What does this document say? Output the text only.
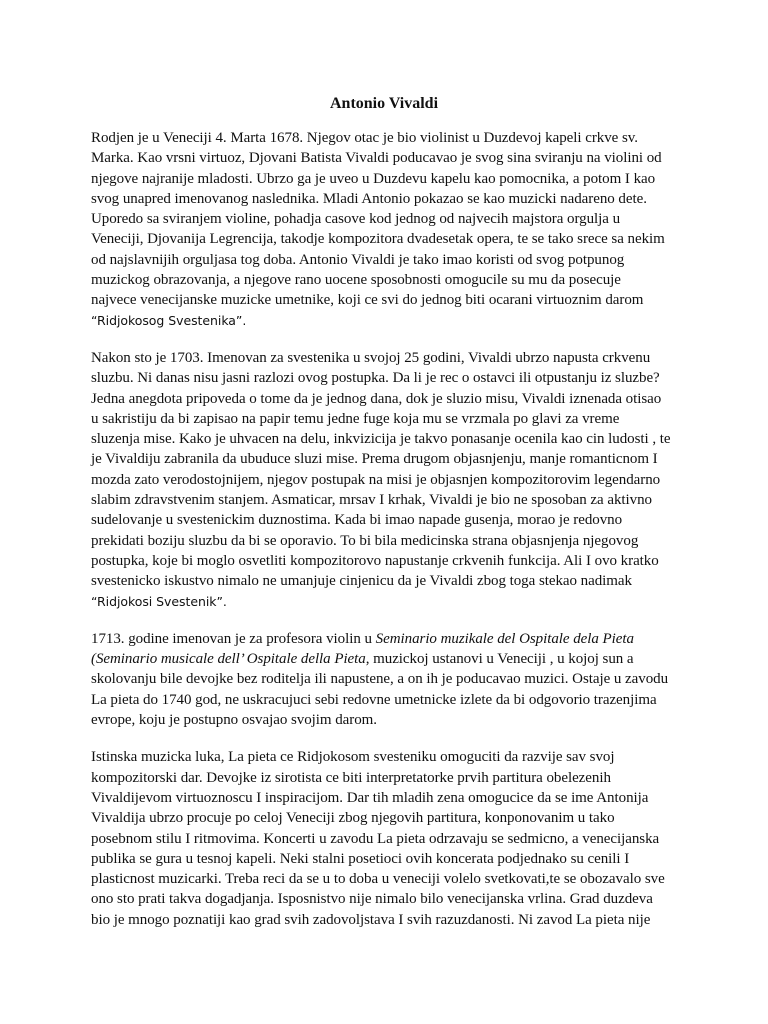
Antonio Vivaldi

Rodjen je u Veneciji 4. Marta 1678. Njegov otac je bio violinist u Duzdevoj kapeli crkve sv.
Marka. Kao vrsni virtuoz, Djovani Batista Vivaldi poducavao je svog sina sviranju na violini od
njegove najranije mladosti. Ubrzo ga je uveo u Duzdevu kapelu kao pomocnika, a potom I kao
svog unapred imenovanog naslednika. Mladi Antonio pokazao se kao muzicki nadareno dete.
Uporedo sa sviranjem violine, pohadja casove kod jednog od najvecih majstora orgulja u
Veneciji, Djovanija Legrencija, takodje kompozitora dvadesetak opera, te se tako srece sa nekim
od najslavnijih orguljasa tog doba. Antonio Vivaldi je tako imao koristi od svog potpunog
muzickog obrazovanja, a njegove rano uocene sposobnosti omogucile su mu da posecuje
najvece venecijanske muzicke umetnike, koji ce svi do jednog biti ocarani virtuoznim darom
“Ridjokosog Svestenika”.

Nakon sto je 1703. Imenovan za svestenika u svojoj 25 godini, Vivaldi ubrzo napusta crkvenu
sluzbu. Ni danas nisu jasni razlozi ovog postupka. Da li je rec o ostavci ili otpustanju iz sluzbe?
Jedna anegdota pripoveda o tome da je jednog dana, dok je sluzio misu, Vivaldi iznenada otisao
u sakristiju da bi zapisao na papir temu jedne fuge koja mu se vrzmala po glavi za vreme
sluzenja mise. Kako je uhvacen na delu, inkvizicija je takvo ponasanje ocenila kao cin ludosti , te
je Vivaldiju zabranila da ubuduce sluzi mise. Prema drugom objasnjenju, manje romanticnom I
mozda zato verodostojnijem, njegov postupak na misi je objasnjen kompozitorovim legendarno
slabim zdravstvenim stanjem. Asmaticar, mrsav I krhak, Vivaldi je bio ne sposoban za aktivno
sudelovanje u svestenickim duznostima. Kada bi imao napade gusenja, morao je redovno
prekidati boziju sluzbu da bi se oporavio. To bi bila medicinska strana objasnjenja njegovog
postupka, koje bi moglo osvetliti kompozitorovo napustanje crkvenih funkcija. Ali I ovo kratko
svestenicko iskustvo nimalo ne umanjuje cinjenicu da je Vivaldi zbog toga stekao nadimak
“Ridjokosi Svestenik”.

1713. godine imenovan je za profesora violin u Seminario muzikale del Ospitale dela Pieta
(Seminario musicale dell’ Ospitale della Pieta, muzickoj ustanovi u Veneciji , u kojoj sun a
skolovanju bile devojke bez roditelja ili napustene, a on ih je poducavao muzici. Ostaje u zavodu
La pieta do 1740 god, ne uskracujuci sebi redovne umetnicke izlete da bi odgovorio trazenjima
evrope, koju je postupno osvajao svojim darom.

Istinska muzicka luka, La pieta ce Ridjokosom svesteniku omoguciti da razvije sav svoj
kompozitorski dar. Devojke iz sirotista ce biti interpretatorke prvih partitura obelezenih
Vivaldijevom virtuoznoscu I inspiracijom. Dar tih mladih zena omogucice da se ime Antonija
Vivaldija ubrzo procuje po celoj Veneciji zbog njegovih partitura, konponovanim u tako
posebnom stilu I ritmovima. Koncerti u zavodu La pieta odrzavaju se sedmicno, a venecijanska
publika se gura u tesnoj kapeli. Neki stalni posetioci ovih koncerata podjednako su cenili I
plasticnost muzicarki. Treba reci da se u to doba u veneciji volelo svetkovati,te se obozavalo sve
ono sto prati takva dogadjanja. Isposnistvo nije nimalo bilo venecijanska vrlina. Grad duzdeva
bio je mnogo poznatiji kao grad svih zadovoljstava I svih razuzdanosti. Ni zavod La pieta nije
